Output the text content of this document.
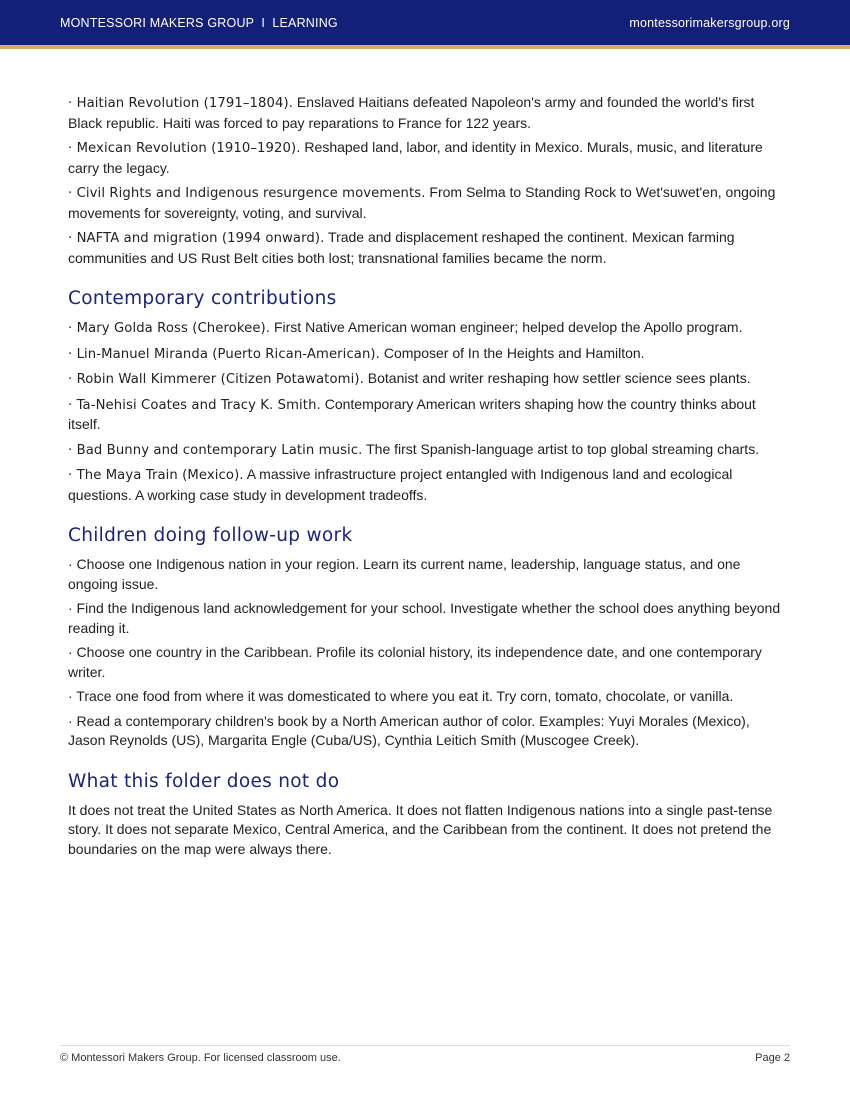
MONTESSORI MAKERS GROUP  I  LEARNING	montessorimakersgroup.org

· Haitian Revolution (1791–1804). Enslaved Haitians defeated Napoleon's army and founded the world's first Black republic. Haiti was forced to pay reparations to France for 122 years.

· Mexican Revolution (1910–1920). Reshaped land, labor, and identity in Mexico. Murals, music, and literature carry the legacy.

· Civil Rights and Indigenous resurgence movements. From Selma to Standing Rock to Wet'suwet'en, ongoing movements for sovereignty, voting, and survival.

· NAFTA and migration (1994 onward). Trade and displacement reshaped the continent. Mexican farming communities and US Rust Belt cities both lost; transnational families became the norm.

Contemporary contributions

· Mary Golda Ross (Cherokee). First Native American woman engineer; helped develop the Apollo program.

· Lin-Manuel Miranda (Puerto Rican-American). Composer of In the Heights and Hamilton.

· Robin Wall Kimmerer (Citizen Potawatomi). Botanist and writer reshaping how settler science sees plants.

· Ta-Nehisi Coates and Tracy K. Smith. Contemporary American writers shaping how the country thinks about itself.

· Bad Bunny and contemporary Latin music. The first Spanish-language artist to top global streaming charts.

· The Maya Train (Mexico). A massive infrastructure project entangled with Indigenous land and ecological questions. A working case study in development tradeoffs.

Children doing follow-up work

· Choose one Indigenous nation in your region. Learn its current name, leadership, language status, and one ongoing issue.

· Find the Indigenous land acknowledgement for your school. Investigate whether the school does anything beyond reading it.

· Choose one country in the Caribbean. Profile its colonial history, its independence date, and one contemporary writer.

· Trace one food from where it was domesticated to where you eat it. Try corn, tomato, chocolate, or vanilla.

· Read a contemporary children's book by a North American author of color. Examples: Yuyi Morales (Mexico), Jason Reynolds (US), Margarita Engle (Cuba/US), Cynthia Leitich Smith (Muscogee Creek).

What this folder does not do

It does not treat the United States as North America. It does not flatten Indigenous nations into a single past-tense story. It does not separate Mexico, Central America, and the Caribbean from the continent. It does not pretend the boundaries on the map were always there.

© Montessori Makers Group. For licensed classroom use.	Page 2
